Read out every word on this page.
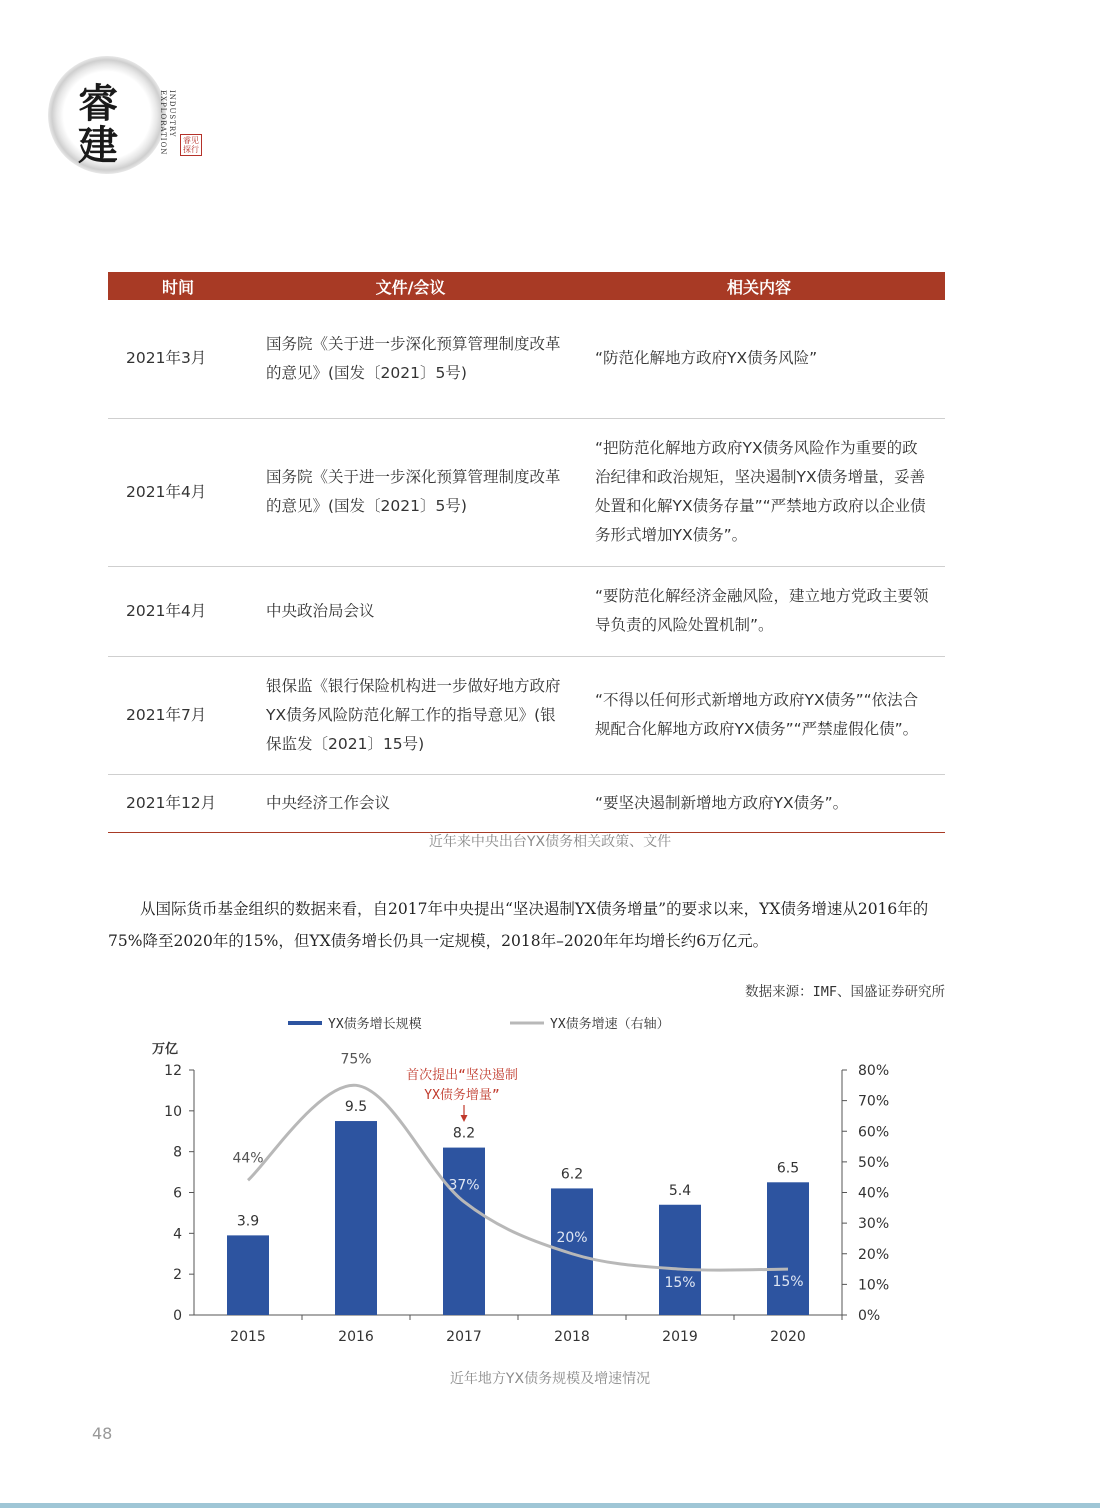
睿
建
INDUSTRY EXPLORATION	睿见 探行
时间	文件/会议	相关内容
2021年3月	国务院《关于进一步深化预算管理制度改革的意见》(国发〔2021〕5号)	“防范化解地方政府YX债务风险”
2021年4月	国务院《关于进一步深化预算管理制度改革的意见》(国发〔2021〕5号)	“把防范化解地方政府YX债务风险作为重要的政治纪律和政治规矩，坚决遏制YX债务增量，妥善处置和化解YX债务存量”“严禁地方政府以企业债务形式增加YX债务”。
2021年4月	中央政治局会议	“要防范化解经济金融风险，建立地方党政主要领导负责的风险处置机制”。
2021年7月	银保监《银行保险机构进一步做好地方政府YX债务风险防范化解工作的指导意见》(银保监发〔2021〕15号)	“不得以任何形式新增地方政府YX债务”“依法合规配合化解地方政府YX债务”“严禁虚假化债”。
2021年12月	中央经济工作会议	“要坚决遏制新增地方政府YX债务”。
近年来中央出台YX债务相关政策、文件

从国际货币基金组织的数据来看，自2017年中央提出“坚决遏制YX债务增量”的要求以来，YX债务增速从2016年的75%降至2020年的15%，但YX债务增长仍具一定规模，2018年–2020年年均增长约6万亿元。

数据来源：IMF、国盛证券研究所
YX债务增长规模	YX债务增速（右轴）
万亿
0
2
4
6
8
10
12
0%
10%
20%
30%
40%
50%
60%
70%
80%
3.9
9.5
8.2
6.2
5.4
6.5
2015	2016	2017	2018	2019	2020
44%
75%
37%
20%
15%	15%
首次提出“坚决遏制
YX债务增量”
近年地方YX债务规模及增速情况
48
